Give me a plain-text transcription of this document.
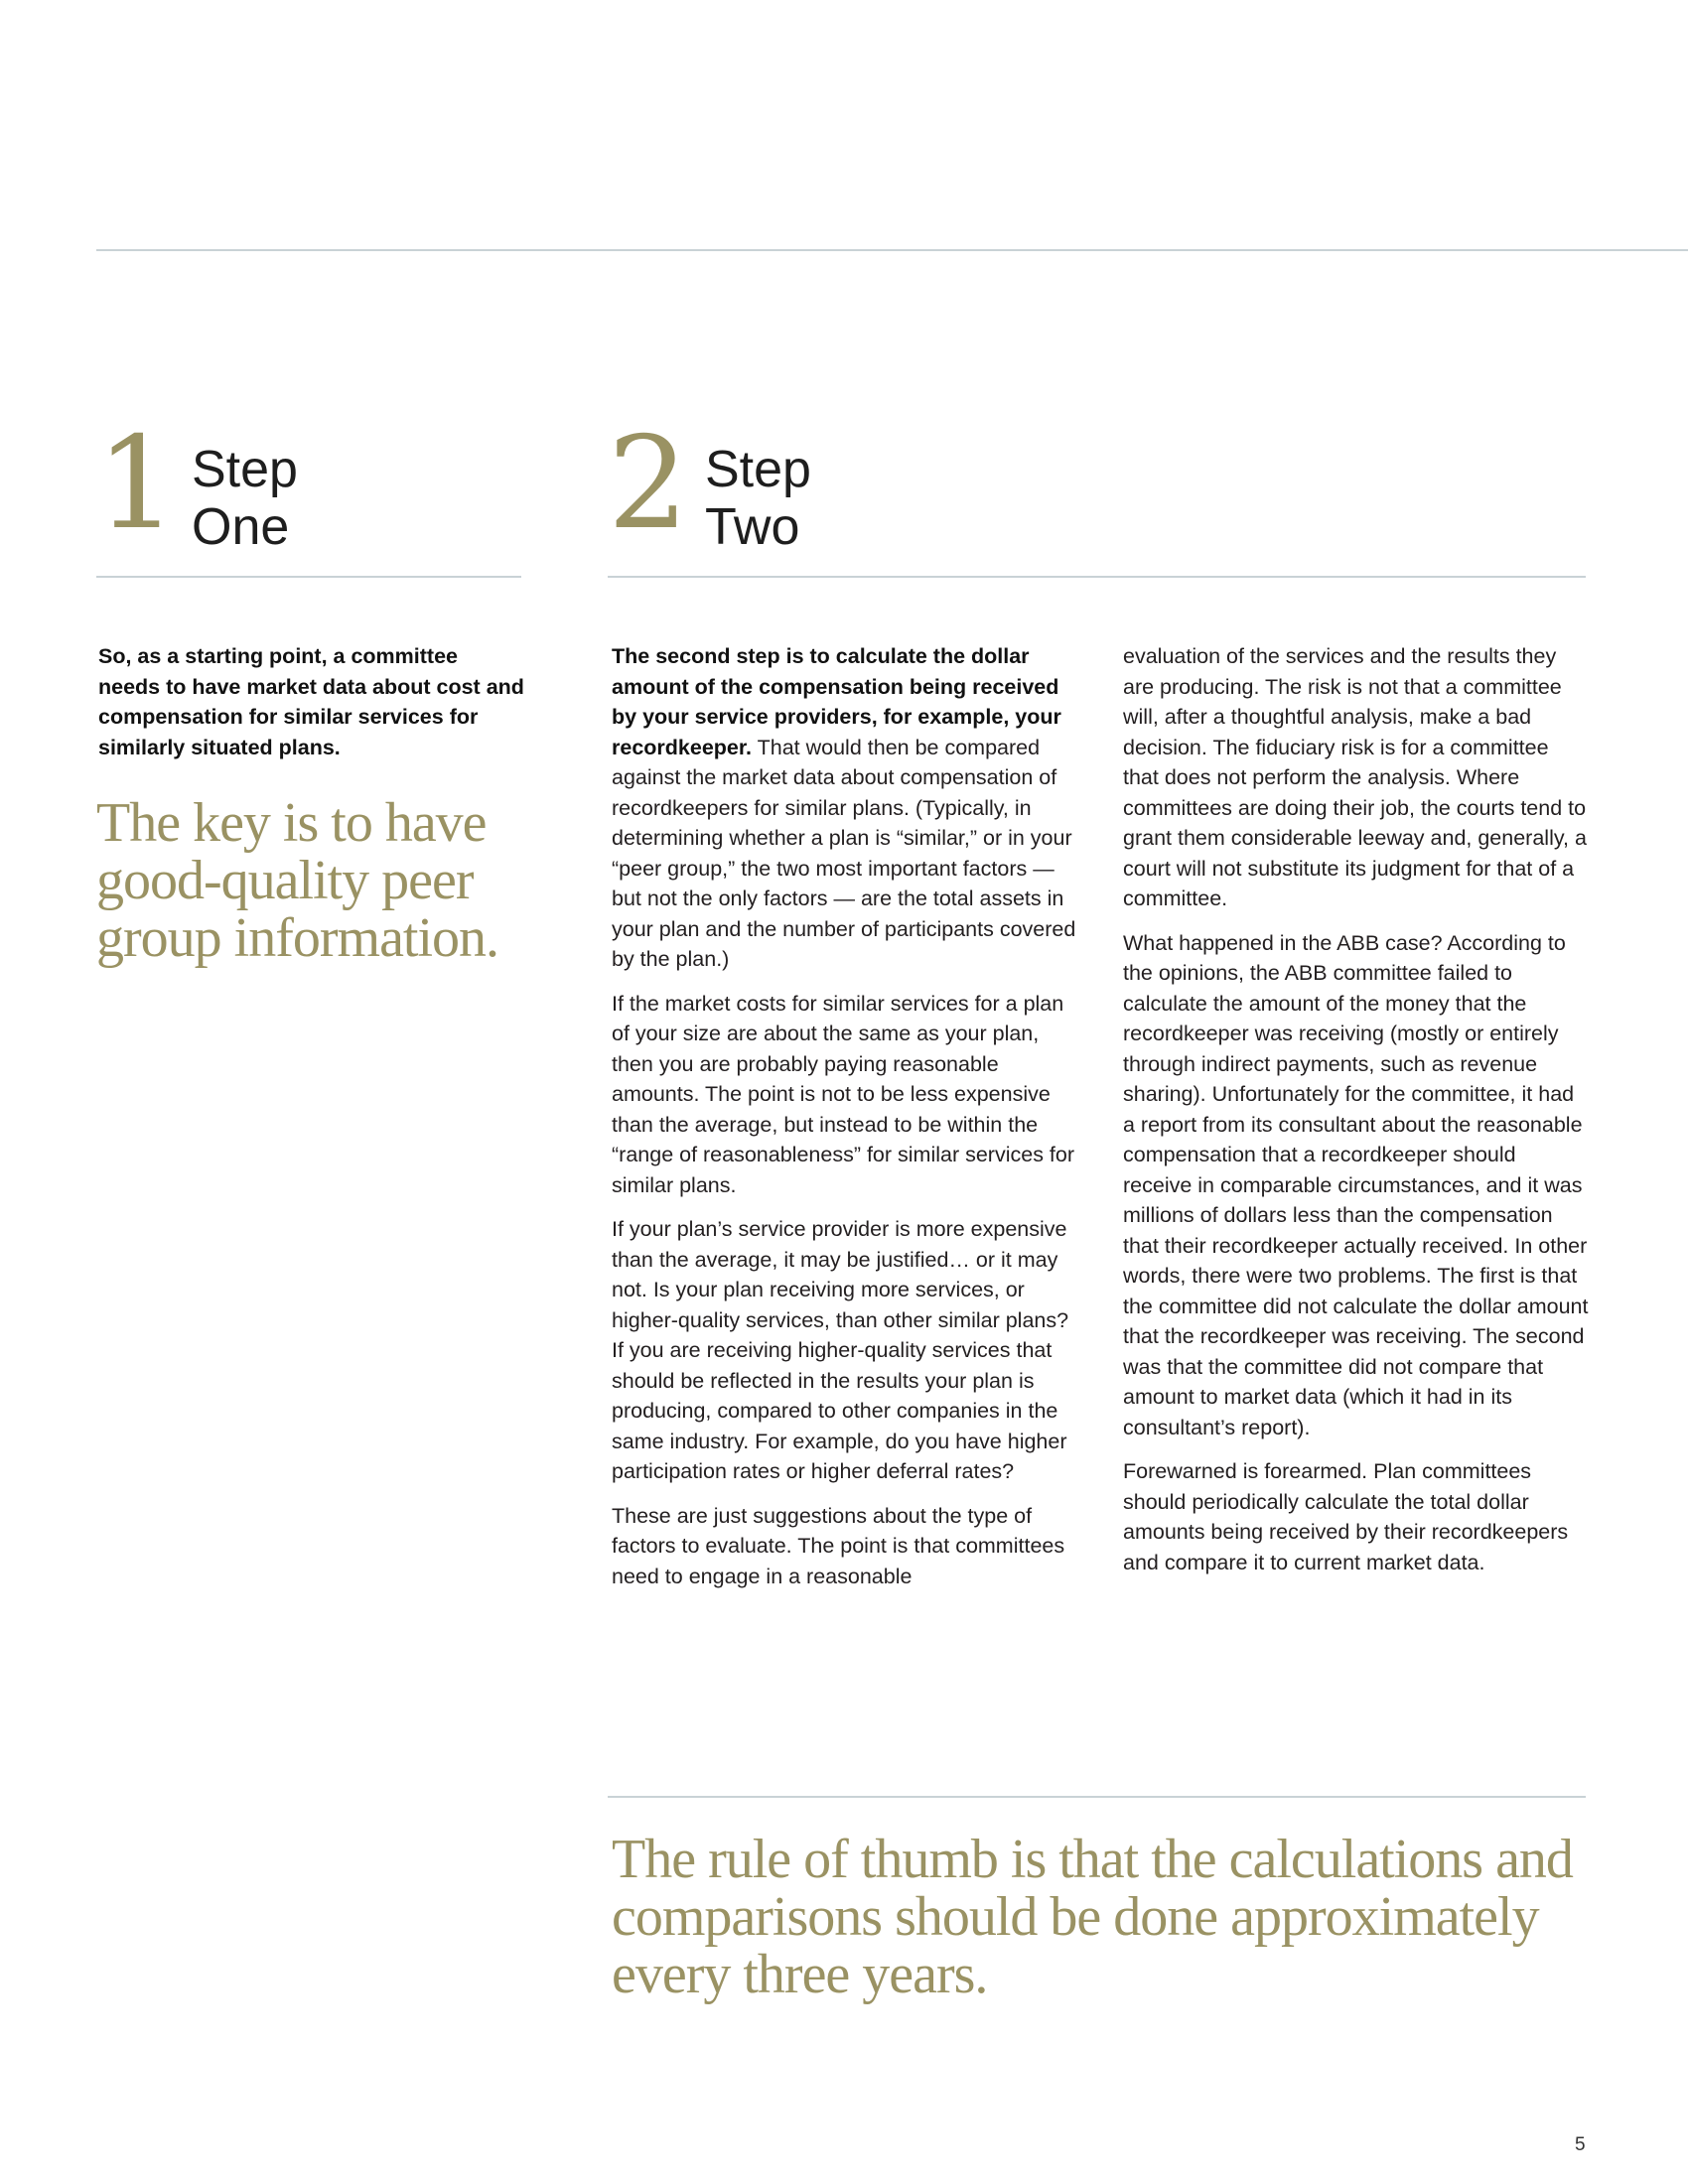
1 Step
One	2 Step
Two
So, as a starting point, a committee needs to have market data about cost and compensation for similar services for similarly situated plans.
The key is to have good-quality peer group information.

The second step is to calculate the dollar amount of the compensation being received by your service providers, for example, your recordkeeper. That would then be compared against the market data about compensation of recordkeepers for similar plans. (Typically, in determining whether a plan is “similar,” or in your “peer group,” the two most important factors — but not the only factors — are the total assets in your plan and the number of participants covered by the plan.)

If the market costs for similar services for a plan of your size are about the same as your plan, then you are probably paying reasonable amounts. The point is not to be less expensive than the average, but instead to be within the “range of reasonableness” for similar services for similar plans.

If your plan’s service provider is more expensive than the average, it may be justified… or it may not. Is your plan receiving more services, or higher-quality services, than other similar plans? If you are receiving higher-quality services that should be reflected in the results your plan is producing, compared to other companies in the same industry. For example, do you have higher participation rates or higher deferral rates?

These are just suggestions about the type of factors to evaluate. The point is that committees need to engage in a reasonable

evaluation of the services and the results they are producing. The risk is not that a committee will, after a thoughtful analysis, make a bad decision. The fiduciary risk is for a committee that does not perform the analysis. Where committees are doing their job, the courts tend to grant them considerable leeway and, generally, a court will not substitute its judgment for that of a committee.

What happened in the ABB case? According to the opinions, the ABB committee failed to calculate the amount of the money that the recordkeeper was receiving (mostly or entirely through indirect payments, such as revenue sharing). Unfortunately for the committee, it had a report from its consultant about the reasonable compensation that a recordkeeper should receive in comparable circumstances, and it was millions of dollars less than the compensation that their recordkeeper actually received. In other words, there were two problems. The first is that the committee did not calculate the dollar amount that the recordkeeper was receiving. The second was that the committee did not compare that amount to market data (which it had in its consultant’s report).

Forewarned is forearmed. Plan committees should periodically calculate the total dollar amounts being received by their recordkeepers and compare it to current market data.

The rule of thumb is that the calculations and comparisons should be done approximately every three years.
5
